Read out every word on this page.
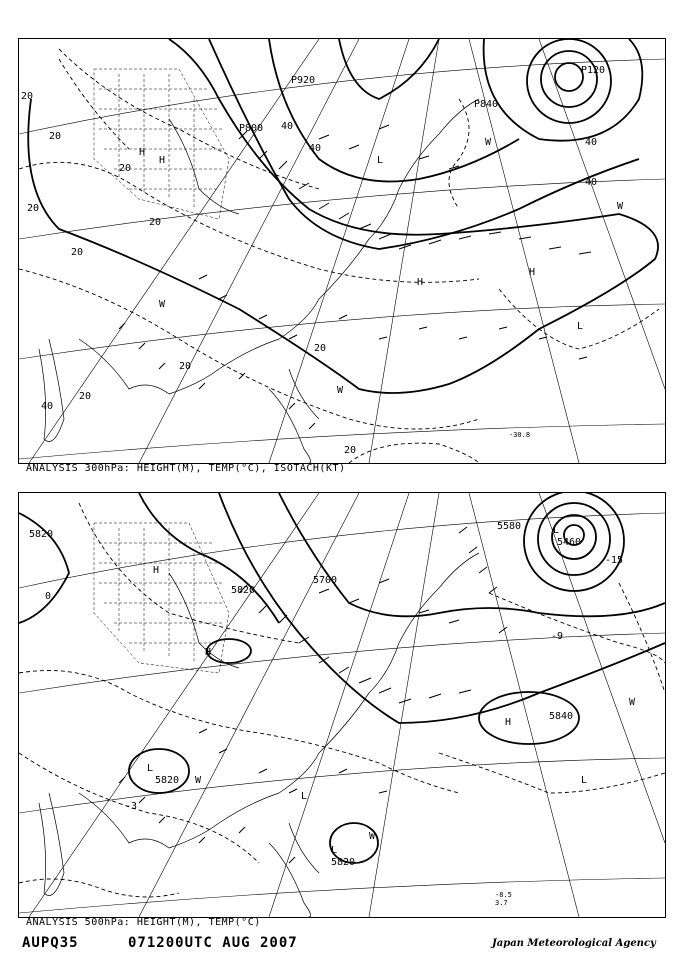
P920
P800
P120
P840
20
20
20
20
20
20
20
20
20
20
40
40
40
40
40
H
H
H
H
L
L
W
W
W
W
-30.8
ANALYSIS 300hPa: HEIGHT(M), TEMP(°C), ISOTACH(KT)
5820
5820
5820
5820
5700
5580
5460
5840
H
H
H
L
L
L
L
L
W
W
W
-3
0
-9
-15
-8.5
3.7
ANALYSIS 500hPa: HEIGHT(M), TEMP(°C)
AUPQ35	071200UTC AUG 2007	Japan Meteorological Agency
